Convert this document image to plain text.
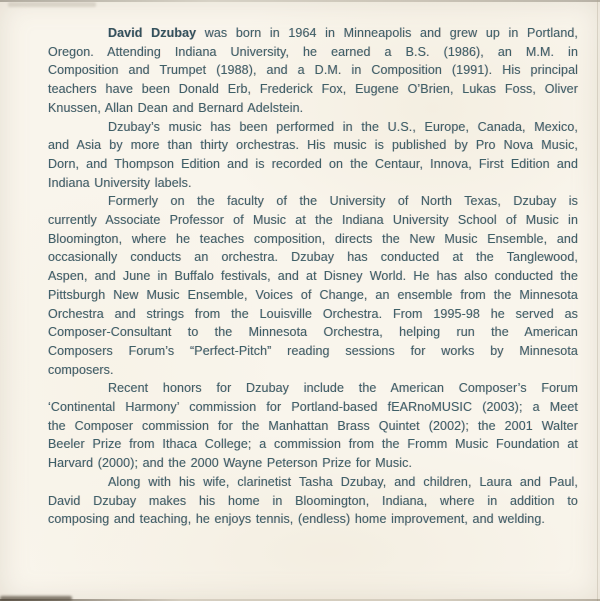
David Dzubay was born in 1964 in Minneapolis and grew up in Portland,
Oregon. Attending Indiana University, he earned a B.S. (1986), an M.M. in
Composition and Trumpet (1988), and a D.M. in Composition (1991). His principal
teachers have been Donald Erb, Frederick Fox, Eugene O’Brien, Lukas Foss, Oliver
Knussen, Allan Dean and Bernard Adelstein.
Dzubay’s music has been performed in the U.S., Europe, Canada, Mexico,
and Asia by more than thirty orchestras. His music is published by Pro Nova Music,
Dorn, and Thompson Edition and is recorded on the Centaur, Innova, First Edition and
Indiana University labels.
Formerly on the faculty of the University of North Texas, Dzubay is
currently Associate Professor of Music at the Indiana University School of Music in
Bloomington, where he teaches composition, directs the New Music Ensemble, and
occasionally conducts an orchestra. Dzubay has conducted at the Tanglewood,
Aspen, and June in Buffalo festivals, and at Disney World. He has also conducted the
Pittsburgh New Music Ensemble, Voices of Change, an ensemble from the Minnesota
Orchestra and strings from the Louisville Orchestra. From 1995-98 he served as
Composer-Consultant to the Minnesota Orchestra, helping run the American
Composers Forum’s “Perfect-Pitch” reading sessions for works by Minnesota
composers.
Recent honors for Dzubay include the American Composer’s Forum
‘Continental Harmony’ commission for Portland-based fEARnoMUSIC (2003); a Meet
the Composer commission for the Manhattan Brass Quintet (2002); the 2001 Walter
Beeler Prize from Ithaca College; a commission from the Fromm Music Foundation at
Harvard (2000); and the 2000 Wayne Peterson Prize for Music.
Along with his wife, clarinetist Tasha Dzubay, and children, Laura and Paul,
David Dzubay makes his home in Bloomington, Indiana, where in addition to
composing and teaching, he enjoys tennis, (endless) home improvement, and welding.
